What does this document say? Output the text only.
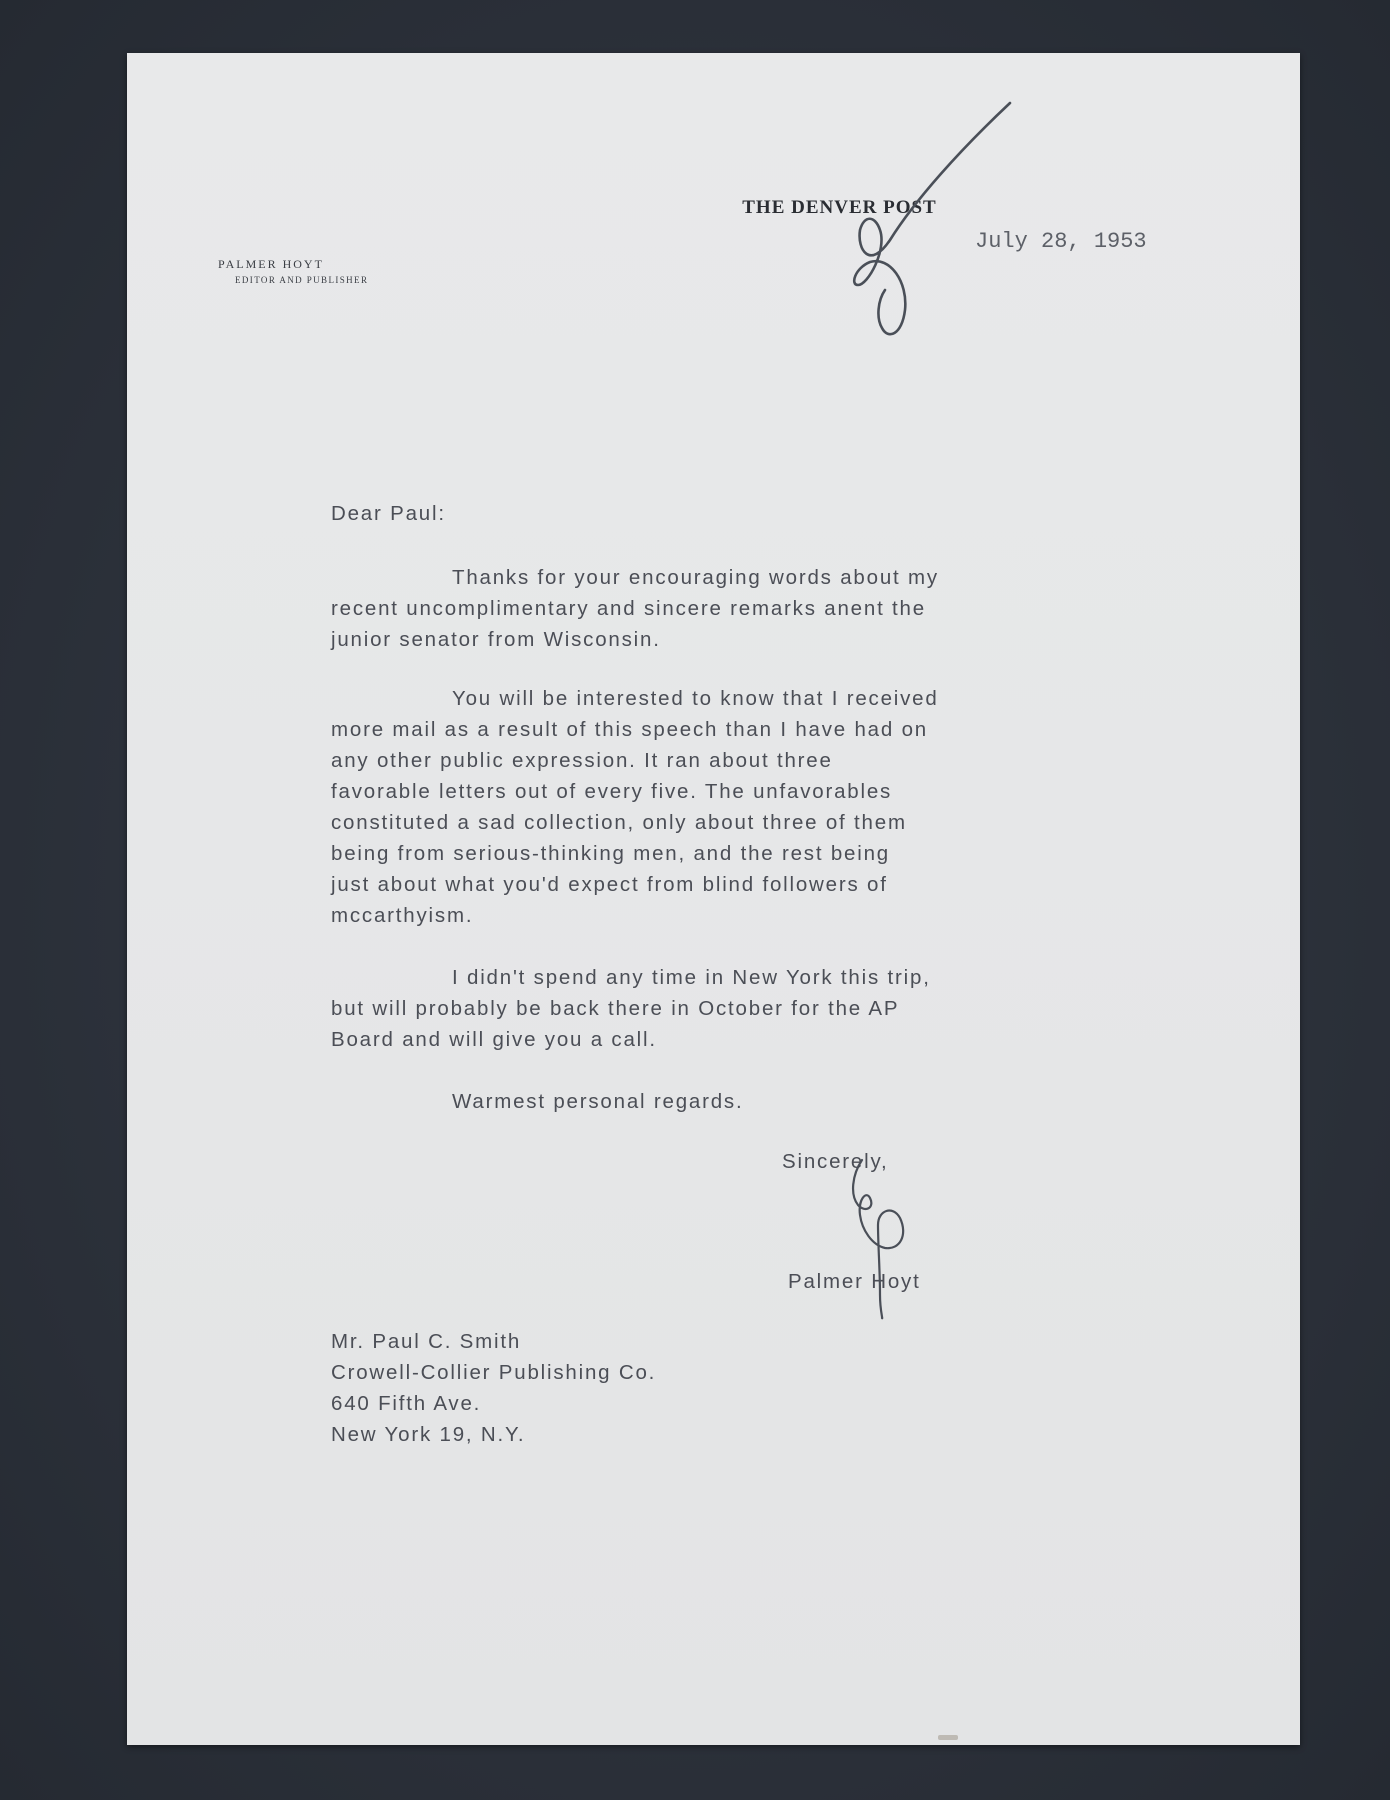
THE DENVER POST
PALMER HOYT
EDITOR AND PUBLISHER
July 28, 1953
Dear Paul:
Thanks for your encouraging words about my
recent uncomplimentary and sincere remarks anent the
junior senator from Wisconsin.
You will be interested to know that I received
more mail as a result of this speech than I have had on
any other public expression. It ran about three
favorable letters out of every five. The unfavorables
constituted a sad collection, only about three of them
being from serious-thinking men, and the rest being
just about what you'd expect from blind followers of
mccarthyism.
I didn't spend any time in New York this trip,
but will probably be back there in October for the AP
Board and will give you a call.
Warmest personal regards.
Sincerely,
Palmer Hoyt
Mr. Paul C. Smith
Crowell-Collier Publishing Co.
640 Fifth Ave.
New York 19, N.Y.
